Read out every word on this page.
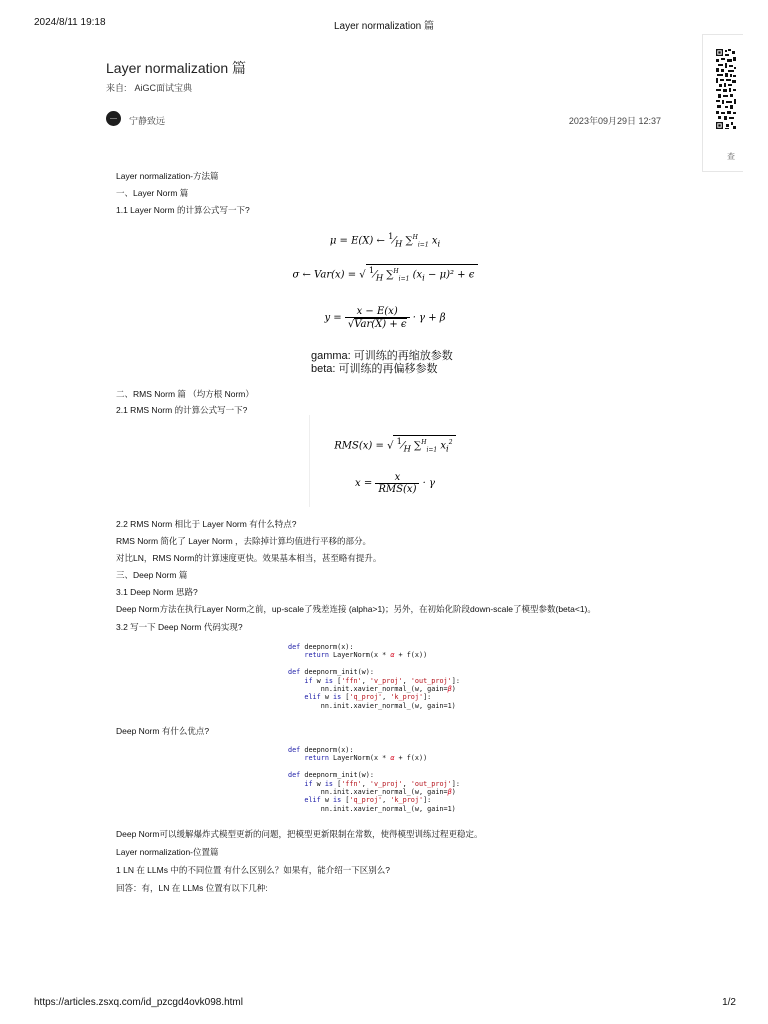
2024/8/11 19:18	Layer normalization 篇
Layer normalization 篇
来自: AiGC面试宝典
宁静致远	2023年09月29日 12:37
查
Layer normalization-方法篇
一、Layer Norm 篇
1.1 Layer Norm 的计算公式写一下?
μ = E(X) ← $^1⁄_H$ ∑$^H_{i=1}$ $x_i$
σ ← Var(x) = √ $^1⁄_H$ ∑$^H_{i=1}$ $(x_i - \mu)^2 + \epsilon$
y =
x − E(x)
√Var(X) + ϵ
· γ + β
gamma: 可训练的再缩放参数
beta: 可训练的再偏移参数
二、RMS Norm 篇 （均方根 Norm）
2.1 RMS Norm 的计算公式写一下?
RMS(x) = √ $^1⁄_H$ ∑$^H_{i=1}$ $x_i^2$
x =
x
RMS(x)
· γ
2.2 RMS Norm 相比于 Layer Norm 有什么特点?
RMS Norm 简化了 Layer Norm ，去除掉计算均值进行平移的部分。
对比LN，RMS Norm的计算速度更快。效果基本相当，甚至略有提升。
三、Deep Norm 篇
3.1 Deep Norm 思路?
Deep Norm方法在执行Layer Norm之前，up-scale了残差连接 (alpha>1)；另外，在初始化阶段down-scale了模型参数(beta<1)。
3.2 写一下 Deep Norm 代码实现?
def deepnorm(x):
return LayerNorm(x * α + f(x))

def deepnorm_init(w):
if w is ['ffn', 'v_proj', 'out_proj']:
nn.init.xavier_normal_(w, gain=β)
elif w is ['q_proj', 'k_proj']:
nn.init.xavier_normal_(w, gain=1)
Deep Norm 有什么优点?
def deepnorm(x):
return LayerNorm(x * α + f(x))

def deepnorm_init(w):
if w is ['ffn', 'v_proj', 'out_proj']:
nn.init.xavier_normal_(w, gain=β)
elif w is ['q_proj', 'k_proj']:
nn.init.xavier_normal_(w, gain=1)
Deep Norm可以缓解爆炸式模型更新的问题，把模型更新限制在常数，使得模型训练过程更稳定。
Layer normalization-位置篇
1 LN 在 LLMs 中的不同位置 有什么区别么？如果有，能介绍一下区别么?
回答：有，LN 在 LLMs 位置有以下几种:
https://articles.zsxq.com/id_pzcgd4ovk098.html	1/2
